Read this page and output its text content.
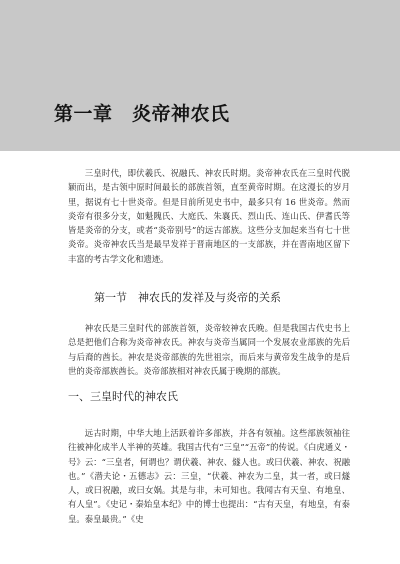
第一章　炎帝神农氏

三皇时代，即伏羲氏、祝融氏、神农氏时期。炎帝神农氏在三皇时代脱颖而出，是古领中原时间最长的部族首领，直至黄帝时期。在这漫长的岁月里，据说有七十世炎帝。但是目前所见史书中，最多只有 16 世炎帝。然而炎帝有很多分支，如魁隗氏、大庭氏、朱襄氏、烈山氏、连山氏、伊耆氏等皆是炎帝的分支，或者“炎帝别号”的远古部族。这些分支加起来当有七十世炎帝。炎帝神农氏当是最早发祥于晋南地区的一支部族，并在晋南地区留下丰富的考古学文化和遗迹。

第一节　神农氏的发祥及与炎帝的关系

神农氏是三皇时代的部族首领，炎帝较神农氏晚。但是我国古代史书上总是把他们合称为炎帝神农氏。神农与炎帝当属同一个发展农业部族的先后与后裔的酋长。神农是炎帝部族的先世祖宗，而后来与黄帝发生战争的是后世的炎帝部族酋长。炎帝部族相对神农氏属于晚期的部族。

一、三皇时代的神农氏

远古时期，中华大地上活跃着许多部族，并各有领袖。这些部族领袖往往被神化成半人半神的英雄。我国古代有“三皇”“五帝”的传说。《白虎通义・号》云：“三皇者，何谓也？谓伏羲、神农、燧人也。或曰伏羲、神农、祝融也。”《潜夫论・五德志》云：三皇，“伏羲、神农为二皇，其一者，或曰燧人，或曰祝融，或曰女娲。其是与非，未可知也。我闻古有天皇、有地皇、有人皇”。《史记・秦始皇本纪》中的博士也提出：“古有天皇，有地皇，有泰皇。泰皇最贵。”《史
